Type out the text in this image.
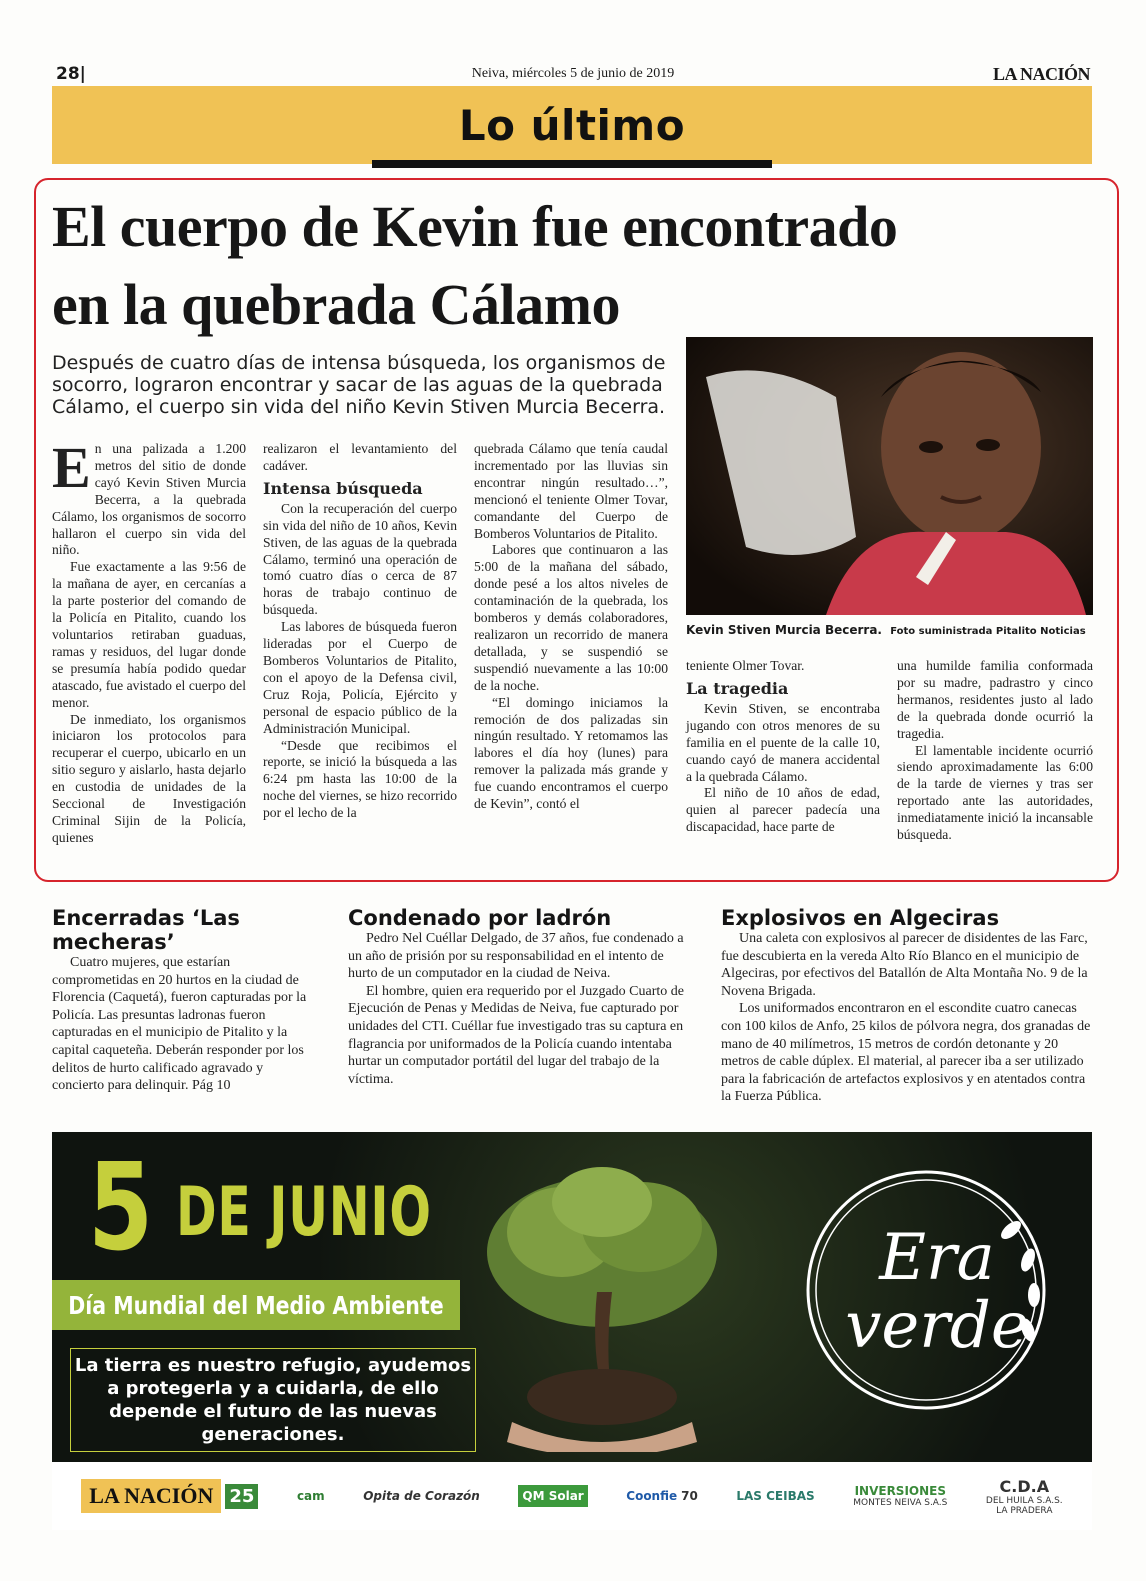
28|	Neiva, miércoles 5 de junio de 2019	LA NACIÓN
Lo último
El cuerpo de Kevin fue encontrado
en la quebrada Cálamo
Después de cuatro días de intensa búsqueda, los organismos de socorro, lograron encontrar y sacar de las aguas de la quebrada Cálamo, el cuerpo sin vida del niño Kevin Stiven Murcia Becerra.
Kevin Stiven Murcia Becerra. Foto suministrada Pitalito Noticias

En una palizada a 1.200 metros del sitio de donde cayó Kevin Stiven Murcia Becerra, a la quebrada Cálamo, los organismos de socorro hallaron el cuerpo sin vida del niño.

Fue exactamente a las 9:56 de la mañana de ayer, en cercanías a la parte posterior del comando de la Policía en Pitalito, cuando los voluntarios retiraban guaduas, ramas y residuos, del lugar donde se presumía había podido quedar atascado, fue avistado el cuerpo del menor.

De inmediato, los organismos iniciaron los protocolos para recuperar el cuerpo, ubicarlo en un sitio seguro y aislarlo, hasta dejarlo en custodia de unidades de la Seccional de Investigación Criminal Sijin de la Policía, quienes

realizaron el levantamiento del cadáver.

Intensa búsqueda

Con la recuperación del cuerpo sin vida del niño de 10 años, Kevin Stiven, de las aguas de la quebrada Cálamo, terminó una operación de tomó cuatro días o cerca de 87 horas de trabajo continuo de búsqueda.

Las labores de búsqueda fueron lideradas por el Cuerpo de Bomberos Voluntarios de Pitalito, con el apoyo de la Defensa civil, Cruz Roja, Policía, Ejército y personal de espacio público de la Administración Municipal.

“Desde que recibimos el reporte, se inició la búsqueda a las 6:24 pm hasta las 10:00 de la noche del viernes, se hizo recorrido por el lecho de la

quebrada Cálamo que tenía caudal incrementado por las lluvias sin encontrar ningún resultado…”, mencionó el teniente Olmer Tovar, comandante del Cuerpo de Bomberos Voluntarios de Pitalito.

Labores que continuaron a las 5:00 de la mañana del sábado, donde pesé a los altos niveles de contaminación de la quebrada, los bomberos y demás colaboradores, realizaron un recorrido de manera detallada, y se suspendió se suspendió nuevamente a las 10:00 de la noche.

“El domingo iniciamos la remoción de dos palizadas sin ningún resultado. Y retomamos las labores el día hoy (lunes) para remover la palizada más grande y fue cuando encontramos el cuerpo de Kevin”, contó el

teniente Olmer Tovar.

La tragedia

Kevin Stiven, se encontraba jugando con otros menores de su familia en el puente de la calle 10, cuando cayó de manera accidental a la quebrada Cálamo.

El niño de 10 años de edad, quien al parecer padecía una discapacidad, hace parte de

una humilde familia conformada por su madre, padrastro y cinco hermanos, residentes justo al lado de la quebrada donde ocurrió la tragedia.

El lamentable incidente ocurrió siendo aproximadamente las 6:00 de la tarde de viernes y tras ser reportado ante las autoridades, inmediatamente inició la incansable búsqueda.

Encerradas ‘Las mecheras’

Cuatro mujeres, que estarían comprometidas en 20 hurtos en la ciudad de Florencia (Caquetá), fueron capturadas por la Policía. Las presuntas ladronas fueron capturadas en el municipio de Pitalito y la capital caqueteña. Deberán responder por los delitos de hurto calificado agravado y concierto para delinquir. Pág 10

Condenado por ladrón

Pedro Nel Cuéllar Delgado, de 37 años, fue condenado a un año de prisión por su responsabilidad en el intento de hurto de un computador en la ciudad de Neiva.

El hombre, quien era requerido por el Juzgado Cuarto de Ejecución de Penas y Medidas de Neiva, fue capturado por unidades del CTI. Cuéllar fue investigado tras su captura en flagrancia por uniformados de la Policía cuando intentaba hurtar un computador portátil del lugar del trabajo de la víctima.

Explosivos en Algeciras

Una caleta con explosivos al parecer de disidentes de las Farc, fue descubierta en la vereda Alto Río Blanco en el municipio de Algeciras, por efectivos del Batallón de Alta Montaña No. 9 de la Novena Brigada.

Los uniformados encontraron en el escondite cuatro canecas con 100 kilos de Anfo, 25 kilos de pólvora negra, dos granadas de mano de 40 milímetros, 15 metros de cordón detonante y 20 metros de cable dúplex. El material, al parecer iba a ser utilizado para la fabricación de artefactos explosivos y en atentados contra la Fuerza Pública.

5 DE JUNIO
Día Mundial del Medio Ambiente
La tierra es nuestro refugio, ayudemos a protegerla y a cuidarla, de ello depende el futuro de las nuevas generaciones.
Era
verde
LA NACIÓN 25	cam	Opita de Corazón	QM Solar	Coonfie 70	LAS CEIBAS	INVERSIONES
MONTES NEIVA S.A.S
C.D.A
DEL HUILA S.A.S.
LA PRADERA
